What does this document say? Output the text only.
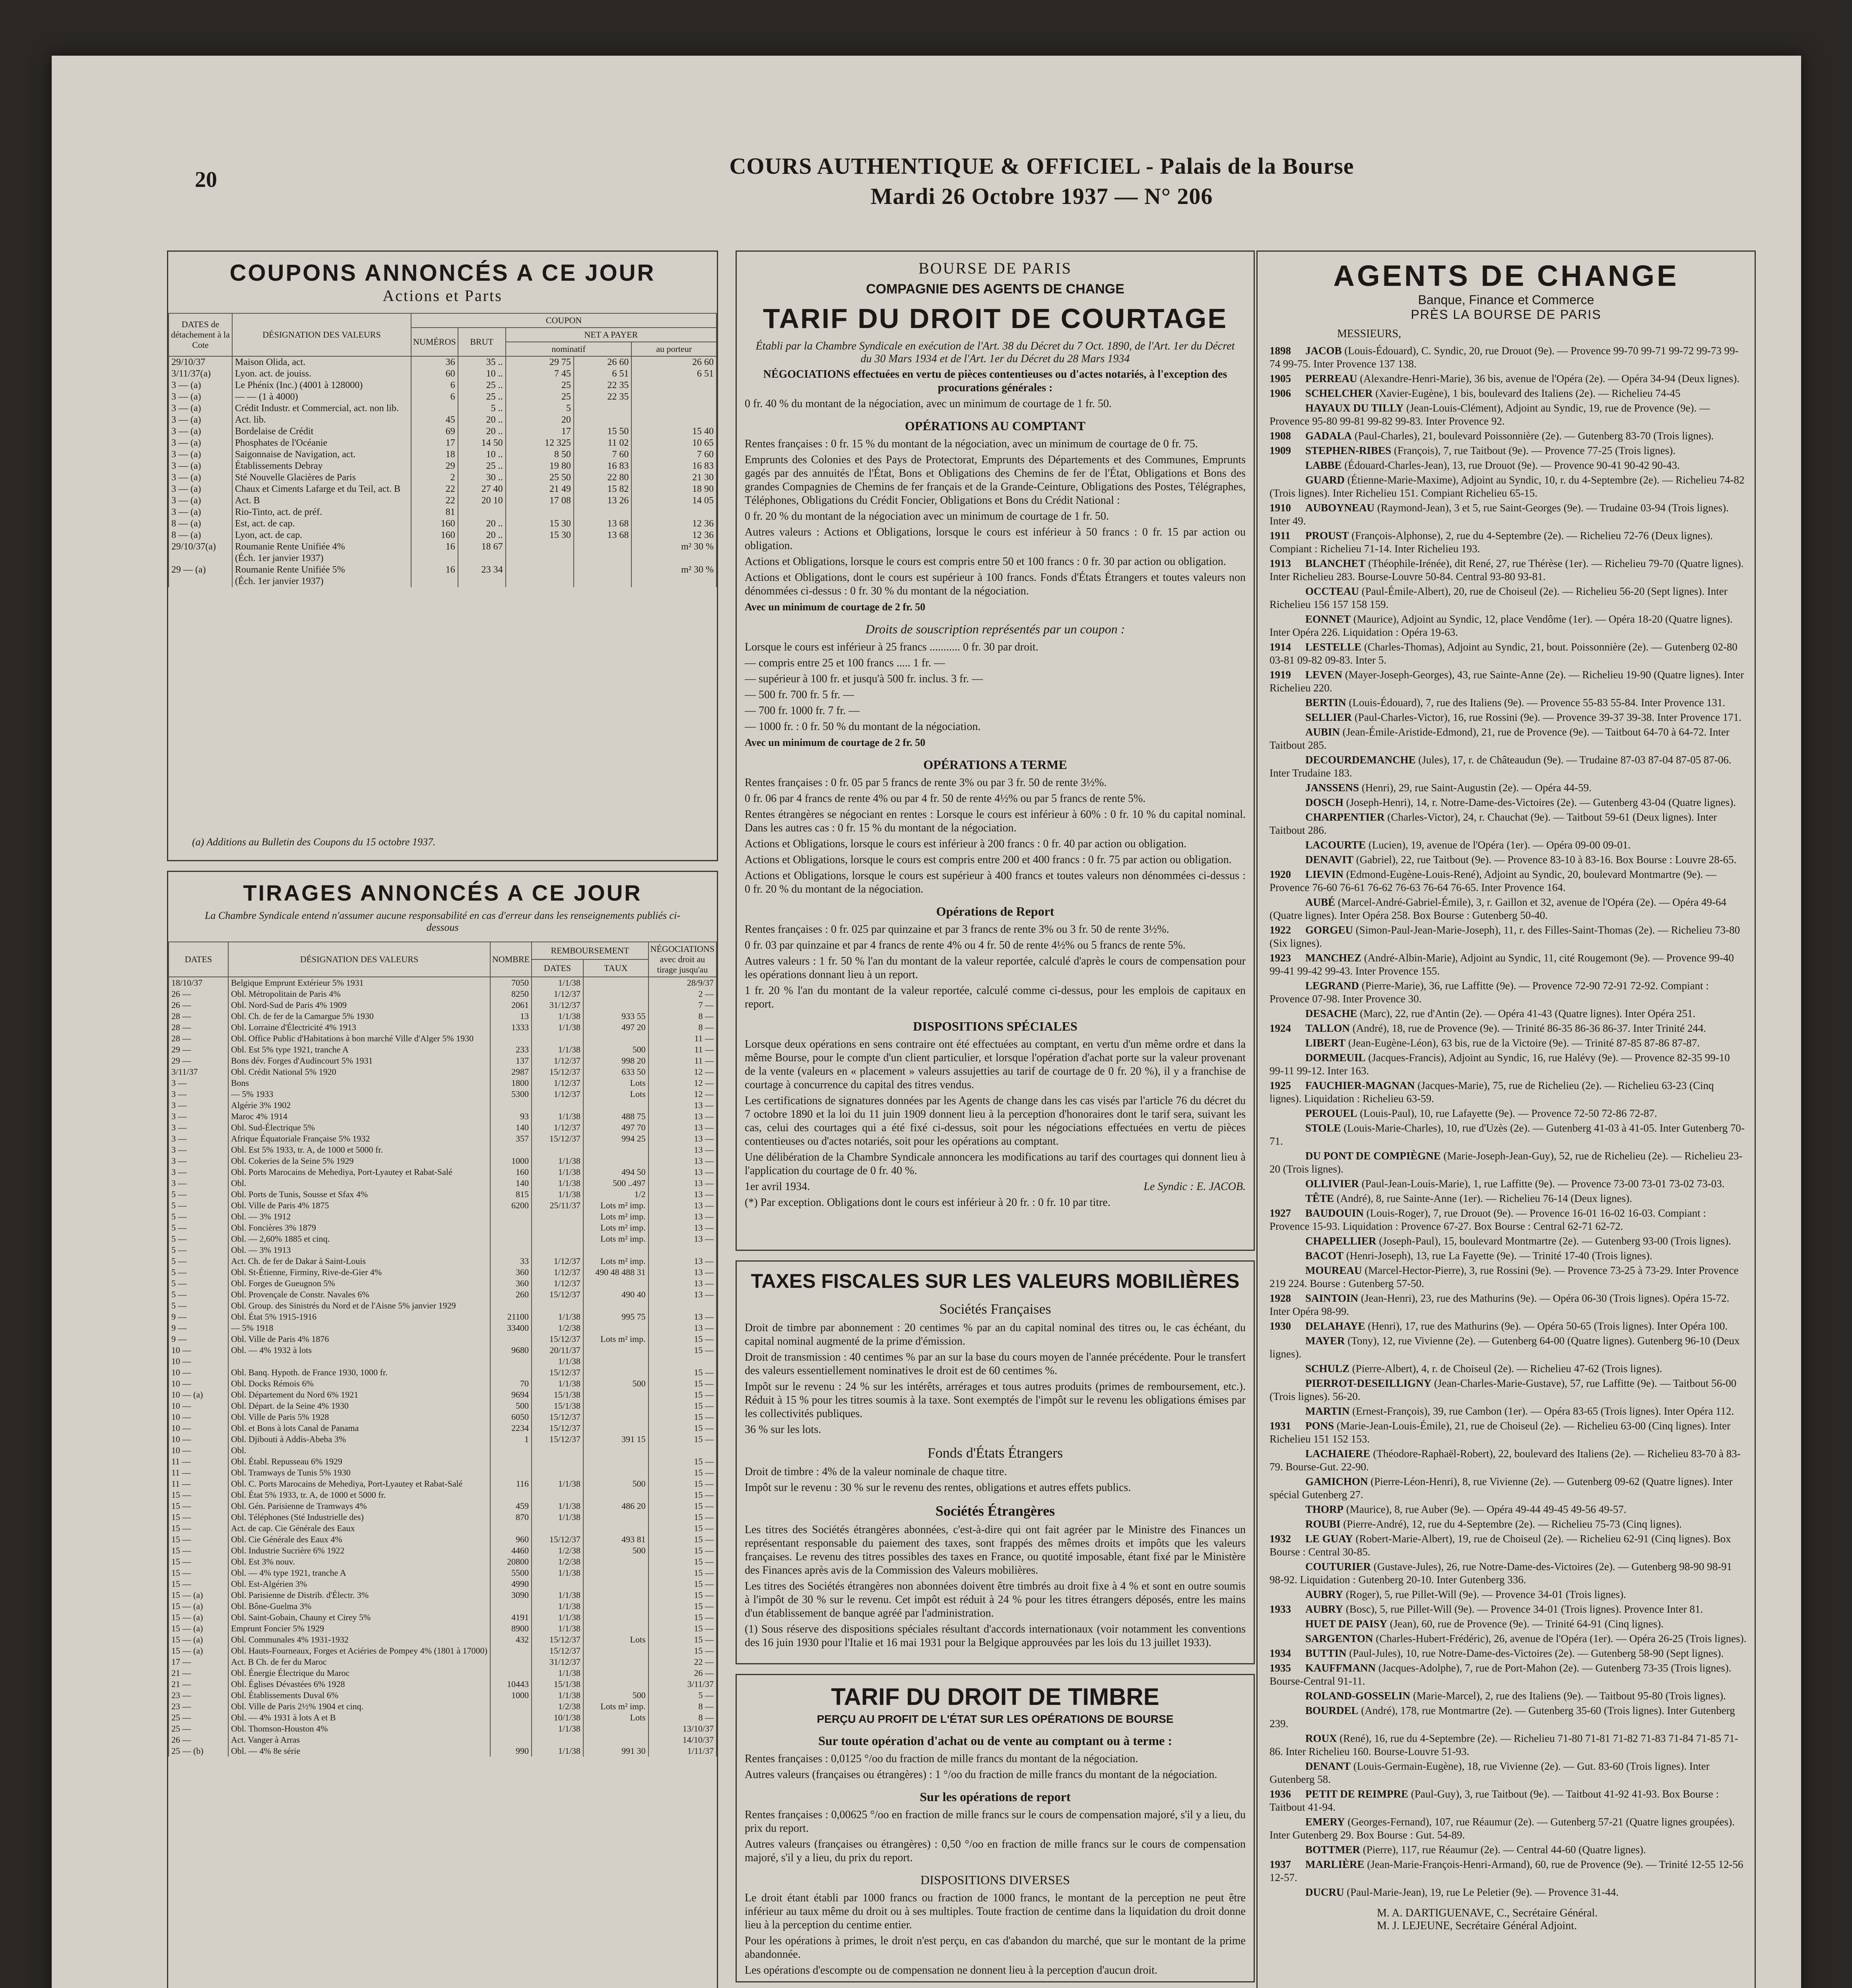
20
COURS AUTHENTIQUE & OFFICIEL - Palais de la Bourse
Mardi 26 Octobre 1937 — N° 206
COUPONS ANNONCÉS A CE JOUR
Actions et Parts
DATES de détachement à la Cote	DÉSIGNATION DES VALEURS	COUPON				
		NUMÉROS	BRUT	NET A PAYER		
				nominatif		au porteur
29/10/37	Maison Olida, act.	36	35 ..	29 75	26 60	26 60
3/11/37(a)	Lyon. act. de jouiss.	60	10 ..	7 45	6 51	6 51
3 — (a)	Le Phénix (Inc.) (4001 à 128000)	6	25 ..	25	22 35	
3 — (a)	— — (1 à 4000)	6	25 ..	25	22 35	
3 — (a)	Crédit Industr. et Commercial, act. non lib.		5 ..	5		
3 — (a)	Act. lib.	45	20 ..	20		
3 — (a)	Bordelaise de Crédit	69	20 ..	17	15 50	15 40
3 — (a)	Phosphates de l'Océanie	17	14 50	12 325	11 02	10 65
3 — (a)	Saigonnaise de Navigation, act.	18	10 ..	8 50	7 60	7 60
3 — (a)	Établissements Debray	29	25 ..	19 80	16 83	16 83
3 — (a)	Sté Nouvelle Glacières de Paris	2	30 ..	25 50	22 80	21 30
3 — (a)	Chaux et Ciments Lafarge et du Teil, act. B	22	27 40	21 49	15 82	18 90
3 — (a)	Act. B	22	20 10	17 08	13 26	14 05
3 — (a)	Rio-Tinto, act. de préf.	81				
8 — (a)	Est, act. de cap.	160	20 ..	15 30	13 68	12 36
8 — (a)	Lyon, act. de cap.	160	20 ..	15 30	13 68	12 36
29/10/37(a)	Roumanie Rente Unifiée 4%	16	18 67			m² 30 %
	(Éch. 1er janvier 1937)					
29 — (a)	Roumanie Rente Unifiée 5%	16	23 34			m² 30 %
	(Éch. 1er janvier 1937)					
(a) Additions au Bulletin des Coupons du 15 octobre 1937.
TIRAGES ANNONCÉS A CE JOUR
La Chambre Syndicale entend n'assumer aucune responsabilité en cas d'erreur dans les renseignements publiés ci-dessous
DATES	DÉSIGNATION DES VALEURS	NOMBRE	REMBOURSEMENT		NÉGOCIATIONS avec droit au tirage jusqu'au
			DATES	TAUX	
18/10/37	Belgique Emprunt Extérieur 5% 1931	7050	1/1/38		28/9/37
26 —	Obl. Métropolitain de Paris 4%	8250	1/12/37		2 —
26 —	Obl. Nord-Sud de Paris 4% 1909	2061	31/12/37		7 —
28 —	Obl. Ch. de fer de la Camargue 5% 1930	13	1/1/38	933 55	8 —
28 —	Obl. Lorraine d'Électricité 4% 1913	1333	1/1/38	497 20	8 —
28 —	Obl. Office Public d'Habitations à bon marché Ville d'Alger 5% 1930				11 —
29 —	Obl. Est 5% type 1921, tranche A	233	1/1/38	500	11 —
29 —	Bons dév. Forges d'Audincourt 5% 1931	137	1/12/37	998 20	11 —
3/11/37	Obl. Crédit National 5% 1920	2987	15/12/37	633 50	12 —
3 —	Bons	1800	1/12/37	Lots	12 —
3 —	— 5% 1933	5300	1/12/37	Lots	12 —
3 —	Algérie 3% 1902				13 —
3 —	Maroc 4% 1914	93	1/1/38	488 75	13 —
3 —	Obl. Sud-Électrique 5%	140	1/12/37	497 70	13 —
3 —	Afrique Équatoriale Française 5% 1932	357	15/12/37	994 25	13 —
3 —	Obl. Est 5% 1933, tr. A, de 1000 et 5000 fr.				13 —
3 —	Obl. Cokeries de la Seine 5% 1929	1000	1/1/38		13 —
3 —	Obl. Ports Marocains de Mehediya, Port-Lyautey et Rabat-Salé	160	1/1/38	494 50	13 —
3 —	Obl.	140	1/1/38	500 ..497	13 —
5 —	Obl. Ports de Tunis, Sousse et Sfax 4%	815	1/1/38	1/2	13 —
5 —	Obl. Ville de Paris 4% 1875	6200	25/11/37	Lots m² imp.	13 —
5 —	Obl. — 3% 1912			Lots m² imp.	13 —
5 —	Obl. Foncières 3% 1879			Lots m² imp.	13 —
5 —	Obl. — 2,60% 1885 et cinq.			Lots m² imp.	13 —
5 —	Obl. — 3% 1913				
5 —	Act. Ch. de fer de Dakar à Saint-Louis	33	1/12/37	Lots m² imp.	13 —
5 —	Obl. St-Étienne, Firminy, Rive-de-Gier 4%	360	1/12/37	490 48 488 31	13 —
5 —	Obl. Forges de Gueugnon 5%	360	1/12/37		13 —
5 —	Obl. Provençale de Constr. Navales 6%	260	15/12/37	490 40	13 —
5 —	Obl. Group. des Sinistrés du Nord et de l'Aisne 5% janvier 1929				
9 —	Obl. État 5% 1915-1916	21100	1/1/38	995 75	13 —
9 —	— 5% 1918	33400	1/2/38		13 —
9 —	Obl. Ville de Paris 4% 1876		15/12/37	Lots m² imp.	15 —
10 —	Obl. — 4% 1932 à lots	9680	20/11/37		15 —
10 —			1/1/38		
10 —	Obl. Banq. Hypoth. de France 1930, 1000 fr.		15/12/37		15 —
10 —	Obl. Docks Rémois 6%	70	1/1/38	500	15 —
10 — (a)	Obl. Département du Nord 6% 1921	9694	15/1/38		15 —
10 —	Obl. Départ. de la Seine 4% 1930	500	15/1/38		15 —
10 —	Obl. Ville de Paris 5% 1928	6050	15/12/37		15 —
10 —	Obl. et Bons à lots Canal de Panama	2234	15/12/37		15 —
10 —	Obl. Djibouti à Addis-Abeba 3%	1	15/12/37	391 15	15 —
10 —	Obl.				
11 —	Obl. Établ. Repusseau 6% 1929				15 —
11 —	Obl. Tramways de Tunis 5% 1930				15 —
11 —	Obl. C. Ports Marocains de Mehediya, Port-Lyautey et Rabat-Salé	116	1/1/38	500	15 —
15 —	Obl. État 5% 1933, tr. A, de 1000 et 5000 fr.				15 —
15 —	Obl. Gén. Parisienne de Tramways 4%	459	1/1/38	486 20	15 —
15 —	Obl. Téléphones (Sté Industrielle des)	870	1/1/38		15 —
15 —	Act. de cap. Cie Générale des Eaux				15 —
15 —	Obl. Cie Générale des Eaux 4%	960	15/12/37	493 81	15 —
15 —	Obl. Industrie Sucrière 6% 1922	4460	1/2/38	500	15 —
15 —	Obl. Est 3% nouv.	20800	1/2/38		15 —
15 —	Obl. — 4% type 1921, tranche A	5500	1/1/38		15 —
15 —	Obl. Est-Algérien 3%	4990			15 —
15 — (a)	Obl. Parisienne de Distrib. d'Électr. 3%	3090	1/1/38		15 —
15 — (a)	Obl. Bône-Guelma 3%		1/1/38		15 —
15 — (a)	Obl. Saint-Gobain, Chauny et Cirey 5%	4191	1/1/38		15 —
15 — (a)	Emprunt Foncier 5% 1929	8900	1/1/38		15 —
15 — (a)	Obl. Communales 4% 1931-1932	432	15/12/37	Lots	15 —
15 — (a)	Obl. Hauts-Fourneaux, Forges et Aciéries de Pompey 4% (1801 à 17000)		15/12/37		15 —
17 —	Act. B Ch. de fer du Maroc		31/12/37		22 —
21 —	Obl. Énergie Électrique du Maroc		1/1/38		26 —
21 —	Obl. Églises Dévastées 6% 1928	10443	15/1/38		3/11/37
23 —	Obl. Établissements Duval 6%	1000	1/1/38	500	5 —
23 —	Obl. Ville de Paris 2½% 1904 et cinq.		1/2/38	Lots m² imp.	8 —
25 —	Obl. — 4% 1931 à lots A et B		10/1/38	Lots	8 —
25 —	Obl. Thomson-Houston 4%		1/1/38		13/10/37
26 —	Act. Vanger à Arras				14/10/37
25 — (b)	Obl. — 4% 8e série	990	1/1/38	991 30	1/11/37
BOURSE DE PARIS
COMPAGNIE DES AGENTS DE CHANGE
TARIF DU DROIT DE COURTAGE
Établi par la Chambre Syndicale en exécution de l'Art. 38 du Décret du 7 Oct. 1890, de l'Art. 1er du Décret du 30 Mars 1934 et de l'Art. 1er du Décret du 28 Mars 1934
NÉGOCIATIONS effectuées en vertu de pièces contentieuses ou d'actes notariés, à l'exception des procurations générales :
0 fr. 40 % du montant de la négociation, avec un minimum de courtage de 1 fr. 50.
OPÉRATIONS AU COMPTANT
Rentes françaises : 0 fr. 15 % du montant de la négociation, avec un minimum de courtage de 0 fr. 75.
Emprunts des Colonies et des Pays de Protectorat, Emprunts des Départements et des Communes, Emprunts gagés par des annuités de l'État, Bons et Obligations des Chemins de fer de l'État, Obligations et Bons des grandes Compagnies de Chemins de fer français et de la Grande-Ceinture, Obligations des Postes, Télégraphes, Téléphones, Obligations du Crédit Foncier, Obligations et Bons du Crédit National :
0 fr. 20 % du montant de la négociation avec un minimum de courtage de 1 fr. 50.
Autres valeurs : Actions et Obligations, lorsque le cours est inférieur à 50 francs : 0 fr. 15 par action ou obligation.
Actions et Obligations, lorsque le cours est compris entre 50 et 100 francs : 0 fr. 30 par action ou obligation.
Actions et Obligations, dont le cours est supérieur à 100 francs. Fonds d'États Étrangers et toutes valeurs non dénommées ci-dessus : 0 fr. 30 % du montant de la négociation.
Avec un minimum de courtage de 2 fr. 50
Droits de souscription représentés par un coupon :
Lorsque le cours est inférieur à 25 francs ........... 0 fr. 30 par droit.
— compris entre 25 et 100 francs ..... 1 fr. —
— supérieur à 100 fr. et jusqu'à 500 fr. inclus. 3 fr. —
— 500 fr. 700 fr. 5 fr. —
— 700 fr. 1000 fr. 7 fr. —
— 1000 fr. : 0 fr. 50 % du montant de la négociation.
Avec un minimum de courtage de 2 fr. 50
OPÉRATIONS A TERME
Rentes françaises : 0 fr. 05 par 5 francs de rente 3% ou par 3 fr. 50 de rente 3½%.
0 fr. 06 par 4 francs de rente 4% ou par 4 fr. 50 de rente 4½% ou par 5 francs de rente 5%.
Rentes étrangères se négociant en rentes : Lorsque le cours est inférieur à 60% : 0 fr. 10 % du capital nominal. Dans les autres cas : 0 fr. 15 % du montant de la négociation.
Actions et Obligations, lorsque le cours est inférieur à 200 francs : 0 fr. 40 par action ou obligation.
Actions et Obligations, lorsque le cours est compris entre 200 et 400 francs : 0 fr. 75 par action ou obligation.
Actions et Obligations, lorsque le cours est supérieur à 400 francs et toutes valeurs non dénommées ci-dessus : 0 fr. 20 % du montant de la négociation.
Opérations de Report
Rentes françaises : 0 fr. 025 par quinzaine et par 3 francs de rente 3% ou 3 fr. 50 de rente 3½%.
0 fr. 03 par quinzaine et par 4 francs de rente 4% ou 4 fr. 50 de rente 4½% ou 5 francs de rente 5%.
Autres valeurs : 1 fr. 50 % l'an du montant de la valeur reportée, calculé d'après le cours de compensation pour les opérations donnant lieu à un report.
1 fr. 20 % l'an du montant de la valeur reportée, calculé comme ci-dessus, pour les emplois de capitaux en report.
DISPOSITIONS SPÉCIALES
Lorsque deux opérations en sens contraire ont été effectuées au comptant, en vertu d'un même ordre et dans la même Bourse, pour le compte d'un client particulier, et lorsque l'opération d'achat porte sur la valeur provenant de la vente (valeurs en « placement » valeurs assujetties au tarif de courtage de 0 fr. 20 %), il y a franchise de courtage à concurrence du capital des titres vendus.
Les certifications de signatures données par les Agents de change dans les cas visés par l'article 76 du décret du 7 octobre 1890 et la loi du 11 juin 1909 donnent lieu à la perception d'honoraires dont le tarif sera, suivant les cas, celui des courtages qui a été fixé ci-dessus, soit pour les négociations effectuées en vertu de pièces contentieuses ou d'actes notariés, soit pour les opérations au comptant.
Une délibération de la Chambre Syndicale annoncera les modifications au tarif des courtages qui donnent lieu à l'application du courtage de 0 fr. 40 %.
1er avril 1934.	Le Syndic : E. JACOB.
(*) Par exception. Obligations dont le cours est inférieur à 20 fr. : 0 fr. 10 par titre.
TAXES FISCALES SUR LES VALEURS MOBILIÈRES
Sociétés Françaises
Droit de timbre par abonnement : 20 centimes % par an du capital nominal des titres ou, le cas échéant, du capital nominal augmenté de la prime d'émission.
Droit de transmission : 40 centimes % par an sur la base du cours moyen de l'année précédente. Pour le transfert des valeurs essentiellement nominatives le droit est de 60 centimes %.
Impôt sur le revenu : 24 % sur les intérêts, arrérages et tous autres produits (primes de remboursement, etc.). Réduit à 15 % pour les titres soumis à la taxe. Sont exemptés de l'impôt sur le revenu les obligations émises par les collectivités publiques.
36 % sur les lots.
Fonds d'États Étrangers
Droit de timbre : 4% de la valeur nominale de chaque titre.
Impôt sur le revenu : 30 % sur le revenu des rentes, obligations et autres effets publics.
Sociétés Étrangères
Les titres des Sociétés étrangères abonnées, c'est-à-dire qui ont fait agréer par le Ministre des Finances un représentant responsable du paiement des taxes, sont frappés des mêmes droits et impôts que les valeurs françaises. Le revenu des titres possibles des taxes en France, ou quotité imposable, étant fixé par le Ministère des Finances après avis de la Commission des Valeurs mobilières.
Les titres des Sociétés étrangères non abonnées doivent être timbrés au droit fixe à 4 % et sont en outre soumis à l'impôt de 30 % sur le revenu. Cet impôt est réduit à 24 % pour les titres étrangers déposés, entre les mains d'un établissement de banque agréé par l'administration.
(1) Sous réserve des dispositions spéciales résultant d'accords internationaux (voir notamment les conventions des 16 juin 1930 pour l'Italie et 16 mai 1931 pour la Belgique approuvées par les lois du 13 juillet 1933).
TARIF DU DROIT DE TIMBRE
PERÇU AU PROFIT DE L'ÉTAT SUR LES OPÉRATIONS DE BOURSE
Sur toute opération d'achat ou de vente au comptant ou à terme :
Rentes françaises : 0,0125 °/oo du fraction de mille francs du montant de la négociation.
Autres valeurs (françaises ou étrangères) : 1 °/oo du fraction de mille francs du montant de la négociation.
Sur les opérations de report
Rentes françaises : 0,00625 °/oo en fraction de mille francs sur le cours de compensation majoré, s'il y a lieu, du prix du report.
Autres valeurs (françaises ou étrangères) : 0,50 °/oo en fraction de mille francs sur le cours de compensation majoré, s'il y a lieu, du prix du report.
DISPOSITIONS DIVERSES
Le droit étant établi par 1000 francs ou fraction de 1000 francs, le montant de la perception ne peut être inférieur au taux même du droit ou à ses multiples. Toute fraction de centime dans la liquidation du droit donne lieu à la perception du centime entier.
Pour les opérations à primes, le droit n'est perçu, en cas d'abandon du marché, que sur le montant de la prime abandonnée.
Les opérations d'escompte ou de compensation ne donnent lieu à la perception d'aucun droit.
AGENTS DE CHANGE
Banque, Finance et Commerce
PRÈS LA BOURSE DE PARIS
MESSIEURS,
1898 JACOB (Louis-Édouard), C. Syndic, 20, rue Drouot (9e). — Provence 99-70 99-71 99-72 99-73 99-74 99-75. Inter Provence 137 138.
1905 PERREAU (Alexandre-Henri-Marie), 36 bis, avenue de l'Opéra (2e). — Opéra 34-94 (Deux lignes).
1906 SCHELCHER (Xavier-Eugène), 1 bis, boulevard des Italiens (2e). — Richelieu 74-45
HAYAUX DU TILLY (Jean-Louis-Clément), Adjoint au Syndic, 19, rue de Provence (9e). — Provence 95-80 99-81 99-82 99-83. Inter Provence 92.
1908 GADALA (Paul-Charles), 21, boulevard Poissonnière (2e). — Gutenberg 83-70 (Trois lignes).
1909 STEPHEN-RIBES (François), 7, rue Taitbout (9e). — Provence 77-25 (Trois lignes).
LABBE (Édouard-Charles-Jean), 13, rue Drouot (9e). — Provence 90-41 90-42 90-43.
GUARD (Étienne-Marie-Maxime), Adjoint au Syndic, 10, r. du 4-Septembre (2e). — Richelieu 74-82 (Trois lignes). Inter Richelieu 151. Compiant Richelieu 65-15.
1910 AUBOYNEAU (Raymond-Jean), 3 et 5, rue Saint-Georges (9e). — Trudaine 03-94 (Trois lignes). Inter 49.
1911 PROUST (François-Alphonse), 2, rue du 4-Septembre (2e). — Richelieu 72-76 (Deux lignes). Compiant : Richelieu 71-14. Inter Richelieu 193.
1913 BLANCHET (Théophile-Irénée), dit René, 27, rue Thérèse (1er). — Richelieu 79-70 (Quatre lignes). Inter Richelieu 283. Bourse-Louvre 50-84. Central 93-80 93-81.
OCCTEAU (Paul-Émile-Albert), 20, rue de Choiseul (2e). — Richelieu 56-20 (Sept lignes). Inter Richelieu 156 157 158 159.
EONNET (Maurice), Adjoint au Syndic, 12, place Vendôme (1er). — Opéra 18-20 (Quatre lignes). Inter Opéra 226. Liquidation : Opéra 19-63.
1914 LESTELLE (Charles-Thomas), Adjoint au Syndic, 21, bout. Poissonnière (2e). — Gutenberg 02-80 03-81 09-82 09-83. Inter 5.
1919 LEVEN (Mayer-Joseph-Georges), 43, rue Sainte-Anne (2e). — Richelieu 19-90 (Quatre lignes). Inter Richelieu 220.
BERTIN (Louis-Édouard), 7, rue des Italiens (9e). — Provence 55-83 55-84. Inter Provence 131.
SELLIER (Paul-Charles-Victor), 16, rue Rossini (9e). — Provence 39-37 39-38. Inter Provence 171.
AUBIN (Jean-Émile-Aristide-Edmond), 21, rue de Provence (9e). — Taitbout 64-70 à 64-72. Inter Taitbout 285.
DECOURDEMANCHE (Jules), 17, r. de Châteaudun (9e). — Trudaine 87-03 87-04 87-05 87-06. Inter Trudaine 183.
JANSSENS (Henri), 29, rue Saint-Augustin (2e). — Opéra 44-59.
DOSCH (Joseph-Henri), 14, r. Notre-Dame-des-Victoires (2e). — Gutenberg 43-04 (Quatre lignes).
CHARPENTIER (Charles-Victor), 24, r. Chauchat (9e). — Taitbout 59-61 (Deux lignes). Inter Taitbout 286.
LACOURTE (Lucien), 19, avenue de l'Opéra (1er). — Opéra 09-00 09-01.
DENAVIT (Gabriel), 22, rue Taitbout (9e). — Provence 83-10 à 83-16. Box Bourse : Louvre 28-65.
1920 LIEVIN (Edmond-Eugène-Louis-René), Adjoint au Syndic, 20, boulevard Montmartre (9e). — Provence 76-60 76-61 76-62 76-63 76-64 76-65. Inter Provence 164.
AUBÉ (Marcel-André-Gabriel-Émile), 3, r. Gaillon et 32, avenue de l'Opéra (2e). — Opéra 49-64 (Quatre lignes). Inter Opéra 258. Box Bourse : Gutenberg 50-40.
1922 GORGEU (Simon-Paul-Jean-Marie-Joseph), 11, r. des Filles-Saint-Thomas (2e). — Richelieu 73-80 (Six lignes).
1923 MANCHEZ (André-Albin-Marie), Adjoint au Syndic, 11, cité Rougemont (9e). — Provence 99-40 99-41 99-42 99-43. Inter Provence 155.
LEGRAND (Pierre-Marie), 36, rue Laffitte (9e). — Provence 72-90 72-91 72-92. Compiant : Provence 07-98. Inter Provence 30.
DESACHE (Marc), 22, rue d'Antin (2e). — Opéra 41-43 (Quatre lignes). Inter Opéra 251.
1924 TALLON (André), 18, rue de Provence (9e). — Trinité 86-35 86-36 86-37. Inter Trinité 244.
LIBERT (Jean-Eugène-Léon), 63 bis, rue de la Victoire (9e). — Trinité 87-85 87-86 87-87.
DORMEUIL (Jacques-Francis), Adjoint au Syndic, 16, rue Halévy (9e). — Provence 82-35 99-10 99-11 99-12. Inter 163.
1925 FAUCHIER-MAGNAN (Jacques-Marie), 75, rue de Richelieu (2e). — Richelieu 63-23 (Cinq lignes). Liquidation : Richelieu 63-59.
PEROUEL (Louis-Paul), 10, rue Lafayette (9e). — Provence 72-50 72-86 72-87.
STOLE (Louis-Marie-Charles), 10, rue d'Uzès (2e). — Gutenberg 41-03 à 41-05. Inter Gutenberg 70-71.
DU PONT DE COMPIÈGNE (Marie-Joseph-Jean-Guy), 52, rue de Richelieu (2e). — Richelieu 23-20 (Trois lignes).
OLLIVIER (Paul-Jean-Louis-Marie), 1, rue Laffitte (9e). — Provence 73-00 73-01 73-02 73-03.
TÊTE (André), 8, rue Sainte-Anne (1er). — Richelieu 76-14 (Deux lignes).
1927 BAUDOUIN (Louis-Roger), 7, rue Drouot (9e). — Provence 16-01 16-02 16-03. Compiant : Provence 15-93. Liquidation : Provence 67-27. Box Bourse : Central 62-71 62-72.
CHAPELLIER (Joseph-Paul), 15, boulevard Montmartre (2e). — Gutenberg 93-00 (Trois lignes).
BACOT (Henri-Joseph), 13, rue La Fayette (9e). — Trinité 17-40 (Trois lignes).
MOUREAU (Marcel-Hector-Pierre), 3, rue Rossini (9e). — Provence 73-25 à 73-29. Inter Provence 219 224. Bourse : Gutenberg 57-50.
1928 SAINTOIN (Jean-Henri), 23, rue des Mathurins (9e). — Opéra 06-30 (Trois lignes). Opéra 15-72. Inter Opéra 98-99.
1930 DELAHAYE (Henri), 17, rue des Mathurins (9e). — Opéra 50-65 (Trois lignes). Inter Opéra 100.
MAYER (Tony), 12, rue Vivienne (2e). — Gutenberg 64-00 (Quatre lignes). Gutenberg 96-10 (Deux lignes).
SCHULZ (Pierre-Albert), 4, r. de Choiseul (2e). — Richelieu 47-62 (Trois lignes).
PIERROT-DESEILLIGNY (Jean-Charles-Marie-Gustave), 57, rue Laffitte (9e). — Taitbout 56-00 (Trois lignes). 56-20.
MARTIN (Ernest-François), 39, rue Cambon (1er). — Opéra 83-65 (Trois lignes). Inter Opéra 112.
1931 PONS (Marie-Jean-Louis-Émile), 21, rue de Choiseul (2e). — Richelieu 63-00 (Cinq lignes). Inter Richelieu 151 152 153.
LACHAIERE (Théodore-Raphaël-Robert), 22, boulevard des Italiens (2e). — Richelieu 83-70 à 83-79. Bourse-Gut. 22-90.
GAMICHON (Pierre-Léon-Henri), 8, rue Vivienne (2e). — Gutenberg 09-62 (Quatre lignes). Inter spécial Gutenberg 27.
THORP (Maurice), 8, rue Auber (9e). — Opéra 49-44 49-45 49-56 49-57.
ROUBI (Pierre-André), 12, rue du 4-Septembre (2e). — Richelieu 75-73 (Cinq lignes).
1932 LE GUAY (Robert-Marie-Albert), 19, rue de Choiseul (2e). — Richelieu 62-91 (Cinq lignes). Box Bourse : Central 30-85.
COUTURIER (Gustave-Jules), 26, rue Notre-Dame-des-Victoires (2e). — Gutenberg 98-90 98-91 98-92. Liquidation : Gutenberg 20-10. Inter Gutenberg 336.
AUBRY (Roger), 5, rue Pillet-Will (9e). — Provence 34-01 (Trois lignes).
1933 AUBRY (Bosc), 5, rue Pillet-Will (9e). — Provence 34-01 (Trois lignes). Provence Inter 81.
HUET DE PAISY (Jean), 60, rue de Provence (9e). — Trinité 64-91 (Cinq lignes).
SARGENTON (Charles-Hubert-Frédéric), 26, avenue de l'Opéra (1er). — Opéra 26-25 (Trois lignes).
1934 BUTTIN (Paul-Jules), 10, rue Notre-Dame-des-Victoires (2e). — Gutenberg 58-90 (Sept lignes).
1935 KAUFFMANN (Jacques-Adolphe), 7, rue de Port-Mahon (2e). — Gutenberg 73-35 (Trois lignes). Bourse-Central 91-11.
ROLAND-GOSSELIN (Marie-Marcel), 2, rue des Italiens (9e). — Taitbout 95-80 (Trois lignes).
BOURDEL (André), 178, rue Montmartre (2e). — Gutenberg 35-60 (Trois lignes). Inter Gutenberg 239.
ROUX (René), 16, rue du 4-Septembre (2e). — Richelieu 71-80 71-81 71-82 71-83 71-84 71-85 71-86. Inter Richelieu 160. Bourse-Louvre 51-93.
DENANT (Louis-Germain-Eugène), 18, rue Vivienne (2e). — Gut. 83-60 (Trois lignes). Inter Gutenberg 58.
1936 PETIT DE REIMPRE (Paul-Guy), 3, rue Taitbout (9e). — Taitbout 41-92 41-93. Box Bourse : Taitbout 41-94.
EMERY (Georges-Fernand), 107, rue Réaumur (2e). — Gutenberg 57-21 (Quatre lignes groupées). Inter Gutenberg 29. Box Bourse : Gut. 54-89.
BOTTMER (Pierre), 117, rue Réaumur (2e). — Central 44-60 (Quatre lignes).
1937 MARLIÈRE (Jean-Marie-François-Henri-Armand), 60, rue de Provence (9e). — Trinité 12-55 12-56 12-57.
DUCRU (Paul-Marie-Jean), 19, rue Le Peletier (9e). — Provence 31-44.
M. A. DARTIGUENAVE, C., Secrétaire Général.
M. J. LEJEUNE, Secrétaire Général Adjoint.
